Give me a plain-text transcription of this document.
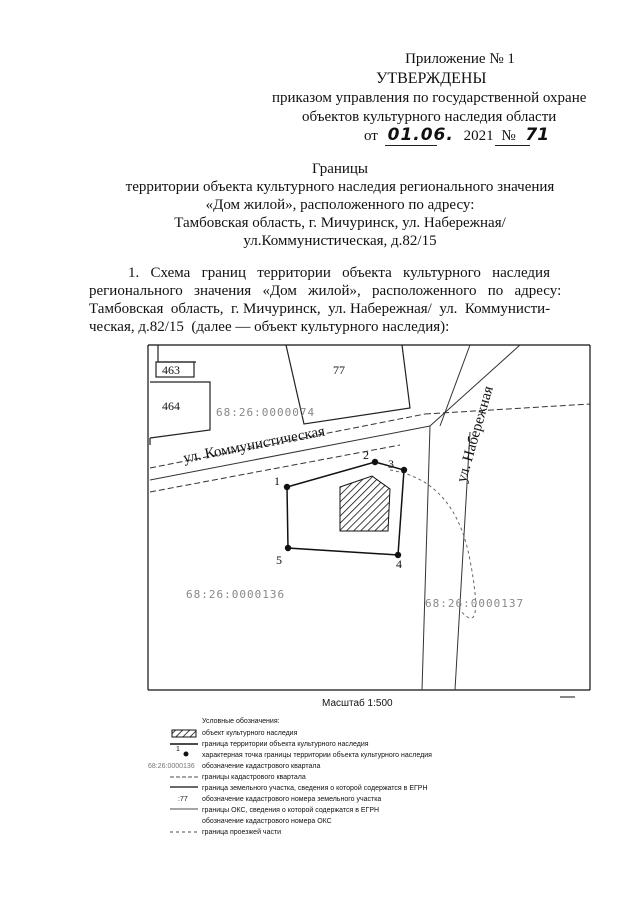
Приложение № 1
УТВЕРЖДЕНЫ
приказом управления по государственной охране
объектов культурного наследия области
от 01.06. 2021 № 71
Границы
территории объекта культурного наследия регионального значения
«Дом жилой», расположенного по адресу:
Тамбовская область, г. Мичуринск, ул. Набережная/
ул.Коммунистическая, д.82/15
1.   Схема   границ   территории   объекта   культурного   наследия
регионального   значения   «Дом   жилой»,   расположенного   по   адресу:
Тамбовская  область,  г. Мичуринск,  ул. Набережная/  ул.  Коммунисти-
ческая, д.82/15  (далее — объект культурного наследия):
ул. Коммунистическая	ул. Набережная
68:26:0000074
68:26:0000136
68:26:0000137
463
464
77
1
2
3
4
5
Масштаб 1:500
Условные обозначения:
объект культурного наследия
граница территории объекта культурного наследия
1
характерная точка границы территории объекта культурного наследия
68:26:0000136 обозначение кадастрового квартала
границы кадастрового квартала
граница земельного участка, сведения о которой содержатся в ЕГРН
:77 обозначение кадастрового номера земельного участка
границы ОКС, сведения о которой содержатся в ЕГРН
обозначение кадастрового номера ОКС
граница проезжей части
